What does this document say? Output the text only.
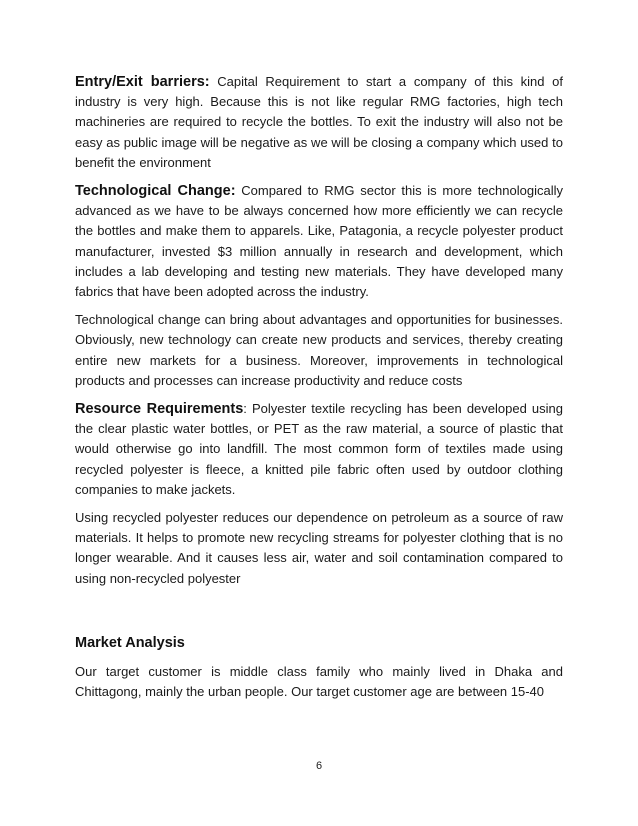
Entry/Exit barriers: Capital Requirement to start a company of this kind of industry is very high. Because this is not like regular RMG factories, high tech machineries are required to recycle the bottles. To exit the industry will also not be easy as public image will be negative as we will be closing a company which used to benefit the environment

Technological Change: Compared to RMG sector this is more technologically advanced as we have to be always concerned how more efficiently we can recycle the bottles and make them to apparels. Like, Patagonia, a recycle polyester product manufacturer, invested $3 million annually in research and development, which includes a lab developing and testing new materials. They have developed many fabrics that have been adopted across the industry.

Technological change can bring about advantages and opportunities for businesses. Obviously, new technology can create new products and services, thereby creating entire new markets for a business. Moreover, improvements in technological products and processes can increase productivity and reduce costs

Resource Requirements: Polyester textile recycling has been developed using the clear plastic water bottles, or PET as the raw material, a source of plastic that would otherwise go into landfill. The most common form of textiles made using recycled polyester is fleece, a knitted pile fabric often used by outdoor clothing companies to make jackets.

Using recycled polyester reduces our dependence on petroleum as a source of raw materials. It helps to promote new recycling streams for polyester clothing that is no longer wearable. And it causes less air, water and soil contamination compared to using non-recycled polyester

Market Analysis

Our target customer is middle class family who mainly lived in Dhaka and Chittagong, mainly the urban people. Our target customer age are between 15-40

6
